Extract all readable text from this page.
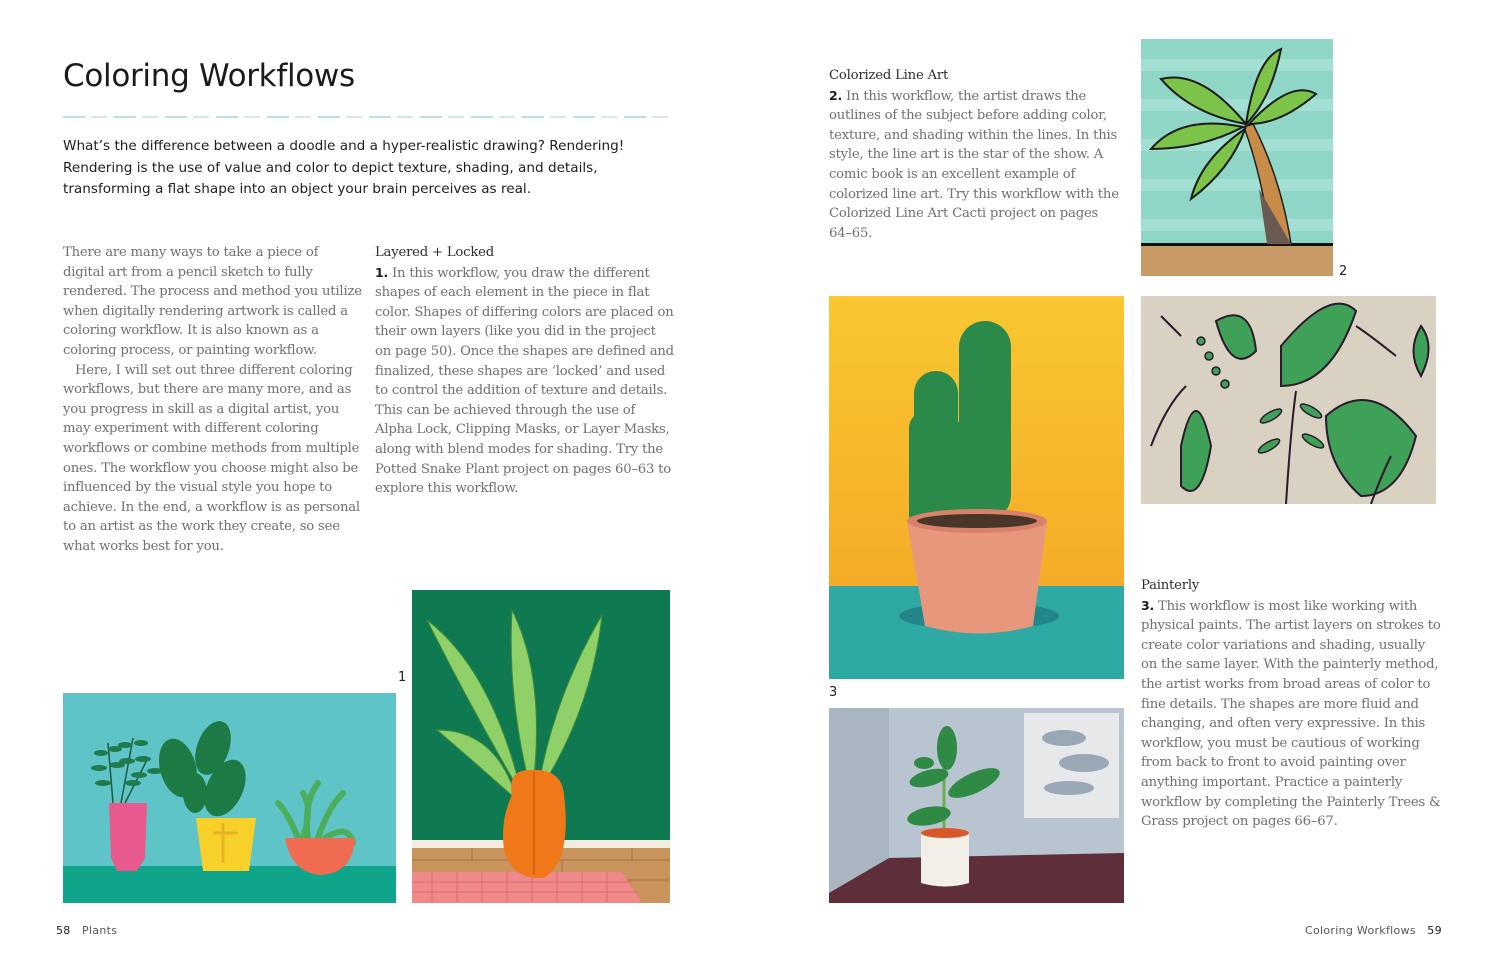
Coloring Workflows
What’s the difference between a doodle and a hyper-realistic drawing? Rendering! Rendering is the use of value and color to depict texture, shading, and details, transforming a flat shape into an object your brain perceives as real.

There are many ways to take a piece of digital art from a pencil sketch to fully rendered. The process and method you utilize when digitally rendering artwork is called a coloring workflow. It is also known as a coloring process, or painting workflow.

Here, I will set out three different coloring workflows, but there are many more, and as you progress in skill as a digital artist, you may experiment with different coloring workflows or combine methods from multiple ones. The workflow you choose might also be influenced by the visual style you hope to achieve. In the end, a workflow is as personal to an artist as the work they create, so see what works best for you.

Layered + Locked
1. In this workflow, you draw the different shapes of each element in the piece in flat color. Shapes of differing colors are placed on their own layers (like you did in the project on page 50). Once the shapes are defined and finalized, these shapes are ‘locked’ and used to control the addition of texture and details. This can be achieved through the use of Alpha Lock, Clipping Masks, or Layer Masks, along with blend modes for shading. Try the Potted Snake Plant project on pages 60–63 to explore this workflow.
1
58 Plants
Colorized Line Art
2. In this workflow, the artist draws the outlines of the subject before adding color, texture, and shading within the lines. In this style, the line art is the star of the show. A comic book is an excellent example of colorized line art. Try this workflow with the Colorized Line Art Cacti project on pages 64–65.
2
3
Painterly
3. This workflow is most like working with physical paints. The artist layers on strokes to create color variations and shading, usually on the same layer. With the painterly method, the artist works from broad areas of color to fine details. The shapes are more fluid and changing, and often very expressive. In this workflow, you must be cautious of working from back to front to avoid painting over anything important. Practice a painterly workflow by completing the Painterly Trees & Grass project on pages 66–67.
Coloring Workflows 59
